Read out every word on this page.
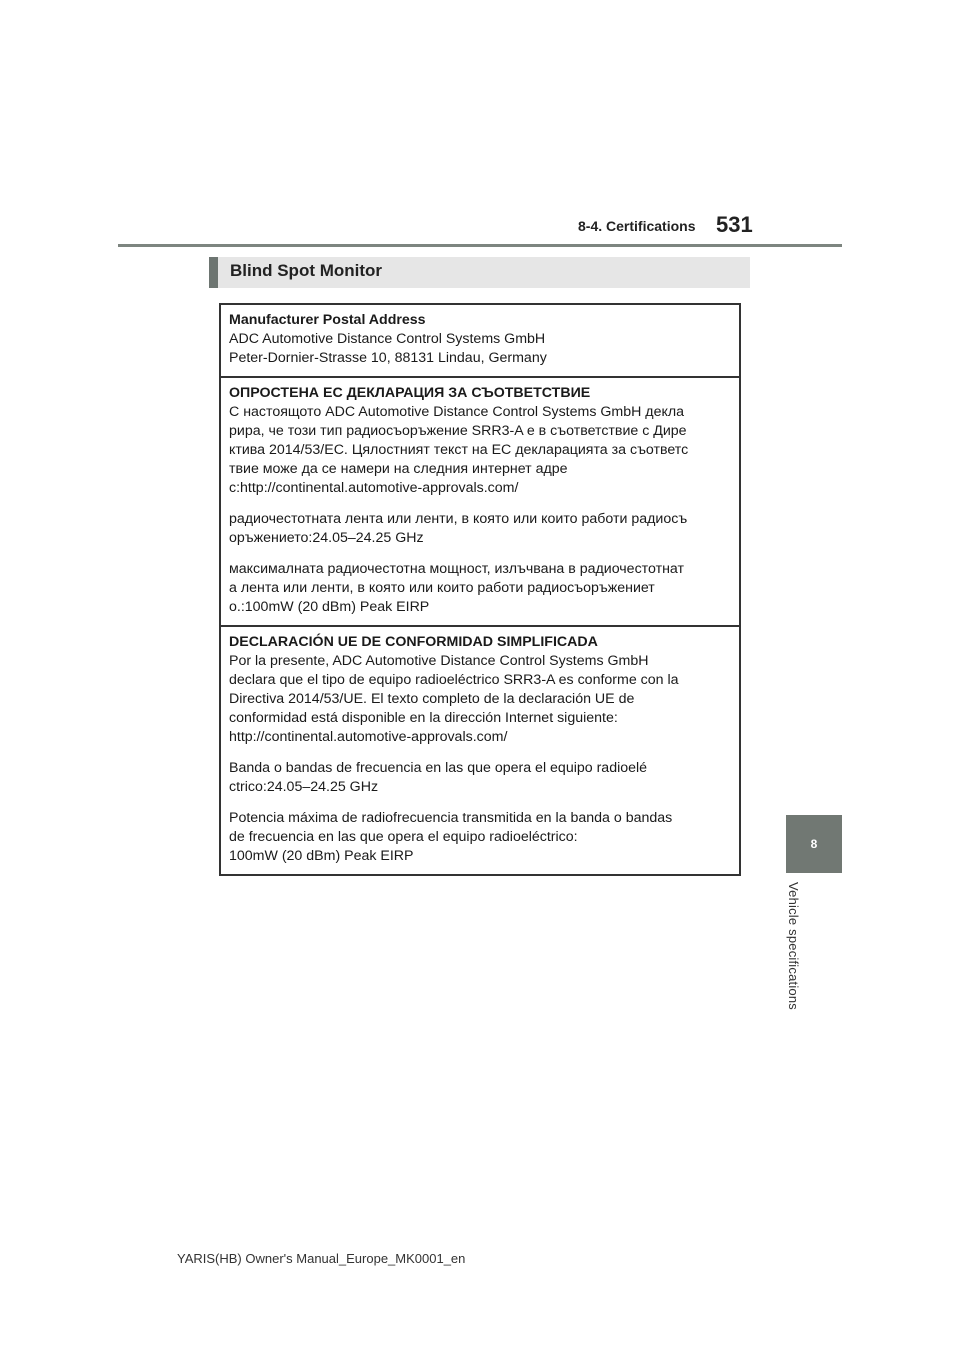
8-4. Certifications 531
Blind Spot Monitor
Manufacturer Postal Address
ADC Automotive Distance Control Systems GmbH
Peter-Dornier-Strasse 10, 88131 Lindau, Germany
ОПРОСТЕНА ЕС ДЕКЛАРАЦИЯ ЗА СЪОТВЕТСТВИЕ
С настоящото ADC Automotive Distance Control Systems GmbH декла
рира, че този тип радиосъоръжение SRR3-A е в съответствие с Дире
ктива 2014/53/ЕС. Цялостният текст на ЕС декларацията за съответс
твие може да се намери на следния интернет адре
с:http://continental.automotive-approvals.com/
радиочестотната лента или ленти, в която или които работи радиосъ
оръжението:24.05–24.25 GHz
максималната радиочестотна мощност, излъчвана в радиочестотнат
а лента или ленти, в която или които работи радиосъоръжениет
о.:100mW (20 dBm) Peak EIRP
DECLARACIÓN UE DE CONFORMIDAD SIMPLIFICADA
Por la presente, ADC Automotive Distance Control Systems GmbH
declara que el tipo de equipo radioeléctrico SRR3-A es conforme con la
Directiva 2014/53/UE. El texto completo de la declaración UE de
conformidad está disponible en la dirección Internet siguiente:
http://continental.automotive-approvals.com/
Banda o bandas de frecuencia en las que opera el equipo radioelé
ctrico:24.05–24.25 GHz
Potencia máxima de radiofrecuencia transmitida en la banda o bandas
de frecuencia en las que opera el equipo radioeléctrico:
100mW (20 dBm) Peak EIRP
8
Vehicle specifications
YARIS(HB) Owner's Manual_Europe_MK0001_en
